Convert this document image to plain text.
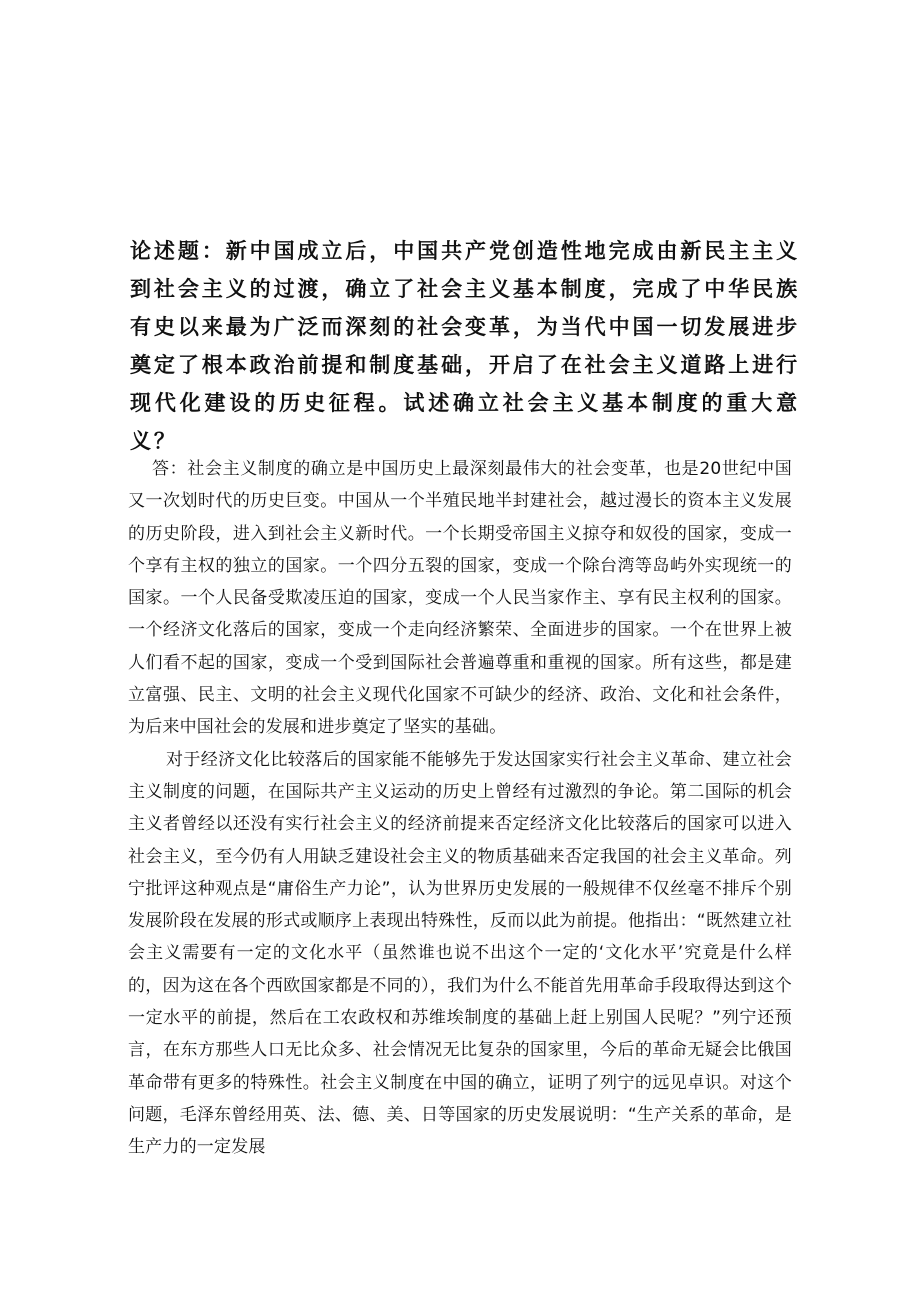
论述题：新中国成立后，中国共产党创造性地完成由新民主主义到社会主义的过渡，确立了社会主义基本制度，完成了中华民族有史以来最为广泛而深刻的社会变革，为当代中国一切发展进步奠定了根本政治前提和制度基础，开启了在社会主义道路上进行现代化建设的历史征程。试述确立社会主义基本制度的重大意义？

答：社会主义制度的确立是中国历史上最深刻最伟大的社会变革，也是20世纪中国又一次划时代的历史巨变。中国从一个半殖民地半封建社会，越过漫长的资本主义发展的历史阶段，进入到社会主义新时代。一个长期受帝国主义掠夺和奴役的国家，变成一个享有主权的独立的国家。一个四分五裂的国家，变成一个除台湾等岛屿外实现统一的国家。一个人民备受欺凌压迫的国家，变成一个人民当家作主、享有民主权利的国家。一个经济文化落后的国家，变成一个走向经济繁荣、全面进步的国家。一个在世界上被人们看不起的国家，变成一个受到国际社会普遍尊重和重视的国家。所有这些，都是建立富强、民主、文明的社会主义现代化国家不可缺少的经济、政治、文化和社会条件，为后来中国社会的发展和进步奠定了坚实的基础。

对于经济文化比较落后的国家能不能够先于发达国家实行社会主义革命、建立社会主义制度的问题，在国际共产主义运动的历史上曾经有过激烈的争论。第二国际的机会主义者曾经以还没有实行社会主义的经济前提来否定经济文化比较落后的国家可以进入社会主义，至今仍有人用缺乏建设社会主义的物质基础来否定我国的社会主义革命。列宁批评这种观点是“庸俗生产力论”，认为世界历史发展的一般规律不仅丝毫不排斥个别发展阶段在发展的形式或顺序上表现出特殊性，反而以此为前提。他指出：“既然建立社会主义需要有一定的文化水平（虽然谁也说不出这个一定的‘文化水平’究竟是什么样的，因为这在各个西欧国家都是不同的），我们为什么不能首先用革命手段取得达到这个一定水平的前提，然后在工农政权和苏维埃制度的基础上赶上别国人民呢？”列宁还预言，在东方那些人口无比众多、社会情况无比复杂的国家里，今后的革命无疑会比俄国革命带有更多的特殊性。社会主义制度在中国的确立，证明了列宁的远见卓识。对这个问题，毛泽东曾经用英、法、德、美、日等国家的历史发展说明：“生产关系的革命，是生产力的一定发展
